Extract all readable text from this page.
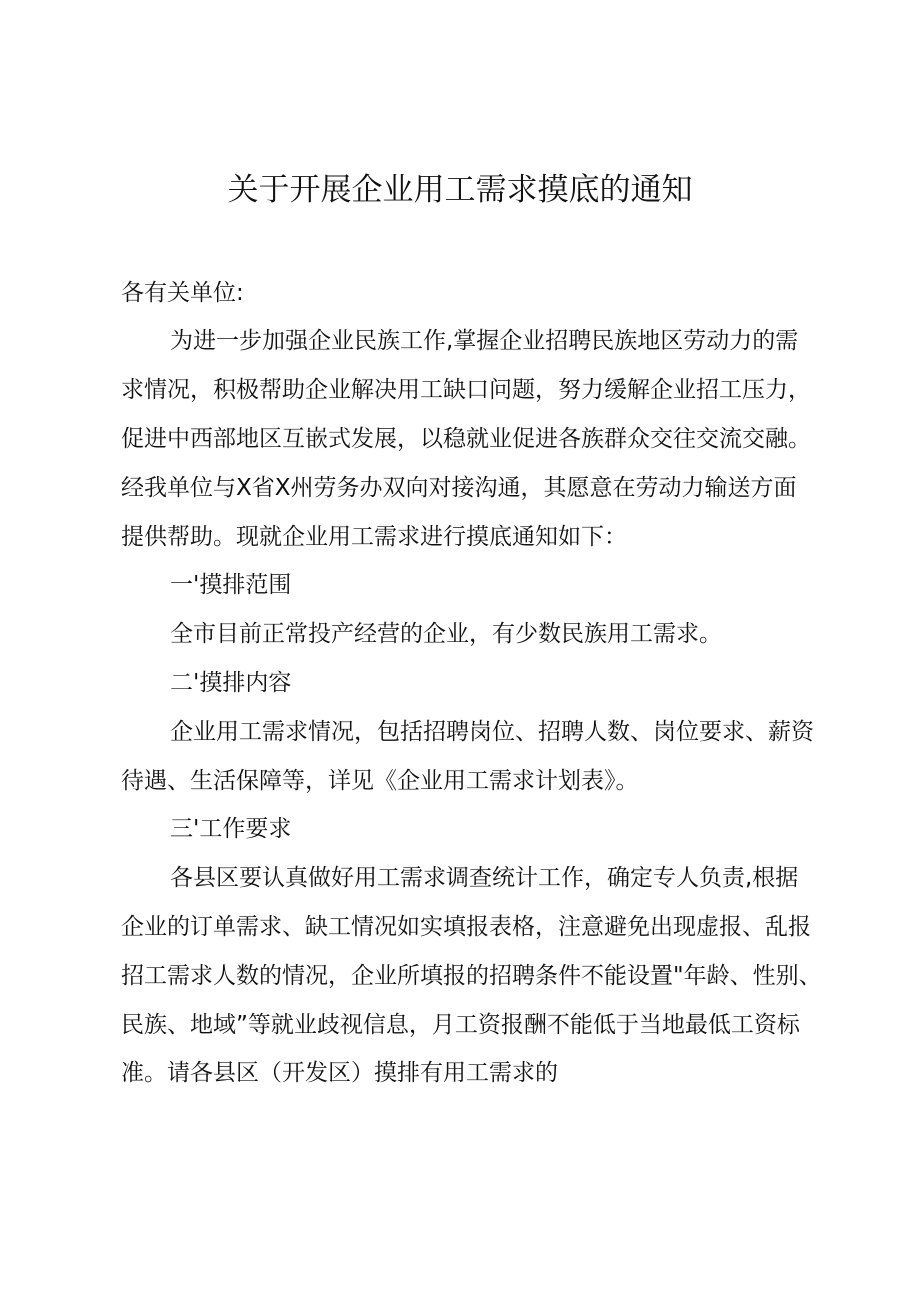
关于开展企业用工需求摸底的通知

各有关单位:

为进一步加强企业民族工作,掌握企业招聘民族地区劳动力的需

求情况，积极帮助企业解决用工缺口问题，努力缓解企业招工压力，

促进中西部地区互嵌式发展，以稳就业促进各族群众交往交流交融。

经我单位与X省X州劳务办双向对接沟通，其愿意在劳动力输送方面

提供帮助。现就企业用工需求进行摸底通知如下：

一'摸排范围

全市目前正常投产经营的企业，有少数民族用工需求。

二'摸排内容

企业用工需求情况，包括招聘岗位、招聘人数、岗位要求、薪资

待遇、生活保障等，详见《企业用工需求计划表》。

三'工作要求

各县区要认真做好用工需求调查统计工作，确定专人负责,根据

企业的订单需求、缺工情况如实填报表格，注意避免出现虚报、乱报

招工需求人数的情况，企业所填报的招聘条件不能设置"年龄、性别、

民族、地域”等就业歧视信息，月工资报酬不能低于当地最低工资标

准。请各县区（开发区）摸排有用工需求的
